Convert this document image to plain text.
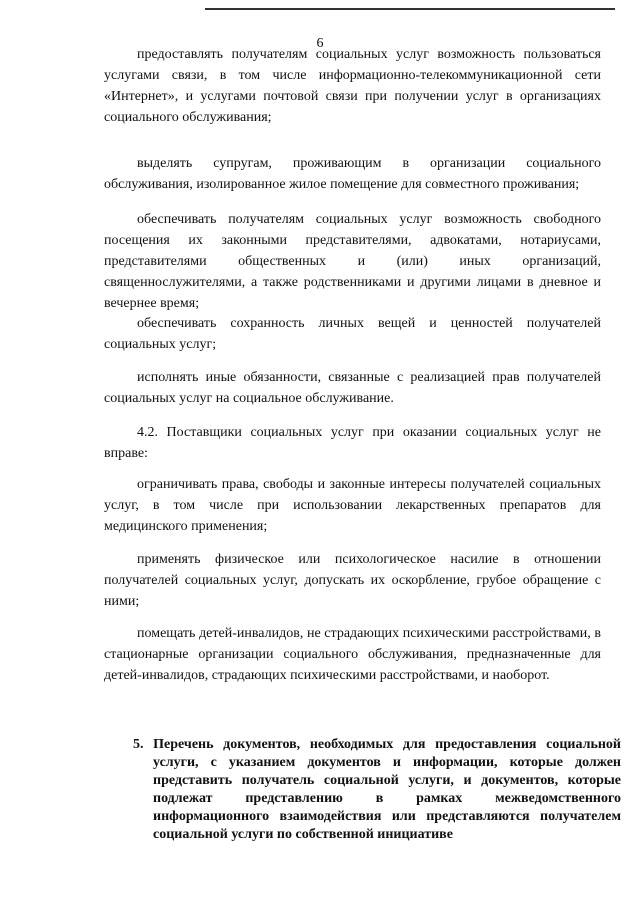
6

предоставлять получателям социальных услуг возможность пользоваться услугами связи, в том числе информационно-телекоммуникационной сети «Интернет», и услугами почтовой связи при получении услуг в организациях социального обслуживания;

выделять супругам, проживающим в организации социального обслуживания, изолированное жилое помещение для совместного проживания;

обеспечивать получателям социальных услуг возможность свободного посещения их законными представителями, адвокатами, нотариусами, представителями общественных и (или) иных организаций, священнослужителями, а также родственниками и другими лицами в дневное и вечернее время;

обеспечивать сохранность личных вещей и ценностей получателей социальных услуг;

исполнять иные обязанности, связанные с реализацией прав получателей социальных услуг на социальное обслуживание.

4.2. Поставщики социальных услуг при оказании социальных услуг не вправе:

ограничивать права, свободы и законные интересы получателей социальных услуг, в том числе при использовании лекарственных препаратов для медицинского применения;

применять физическое или психологическое насилие в отношении получателей социальных услуг, допускать их оскорбление, грубое обращение с ними;

помещать детей-инвалидов, не страдающих психическими расстройствами, в стационарные организации социального обслуживания, предназначенные для детей-инвалидов, страдающих психическими расстройствами, и наоборот.

5. Перечень документов, необходимых для предоставления социальной услуги, с указанием документов и информации, которые должен представить получатель социальной услуги, и документов, которые подлежат представлению в рамках межведомственного информационного взаимодействия или представляются получателем социальной услуги по собственной инициативе
